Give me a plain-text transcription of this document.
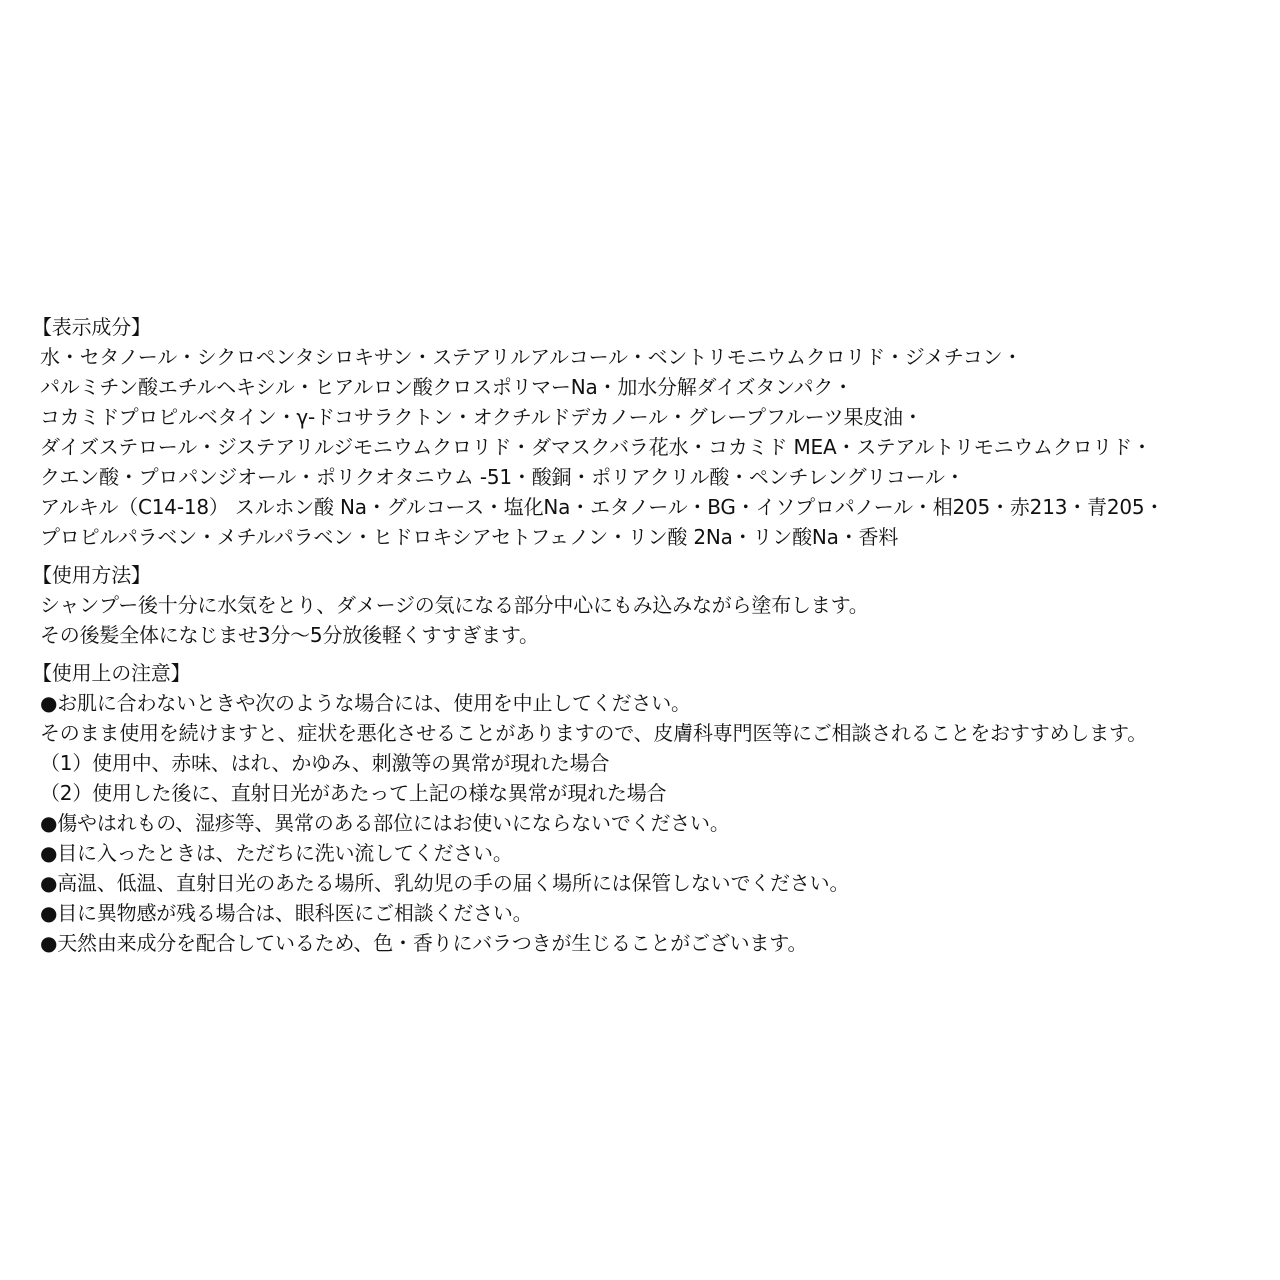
【表示成分】
水・セタノール・シクロペンタシロキサン・ステアリルアルコール・ベントリモニウムクロリド・ジメチコン・
パルミチン酸エチルヘキシル・ヒアルロン酸クロスポリマーNa・加水分解ダイズタンパク・
コカミドプロピルベタイン・γ-ドコサラクトン・オクチルドデカノール・グレープフルーツ果皮油・
ダイズステロール・ジステアリルジモニウムクロリド・ダマスクバラ花水・コカミド MEA・ステアルトリモニウムクロリド・
クエン酸・プロパンジオール・ポリクオタニウム -51・酸銅・ポリアクリル酸・ペンチレングリコール・
アルキル（C14-18） スルホン酸 Na・グルコース・塩化Na・エタノール・BG・イソプロパノール・相205・赤213・青205・
プロピルパラベン・メチルパラベン・ヒドロキシアセトフェノン・リン酸 2Na・リン酸Na・香料
【使用方法】
シャンプー後十分に水気をとり、ダメージの気になる部分中心にもみ込みながら塗布します。
その後髪全体になじませ3分～5分放後軽くすすぎます。
【使用上の注意】
●お肌に合わないときや次のような場合には、使用を中止してください。
そのまま使用を続けますと、症状を悪化させることがありますので、皮膚科専門医等にご相談されることをおすすめします。
（1）使用中、赤味、はれ、かゆみ、刺激等の異常が現れた場合
（2）使用した後に、直射日光があたって上記の様な異常が現れた場合
●傷やはれもの、湿疹等、異常のある部位にはお使いにならないでください。
●目に入ったときは、ただちに洗い流してください。
●高温、低温、直射日光のあたる場所、乳幼児の手の届く場所には保管しないでください。
●目に異物感が残る場合は、眼科医にご相談ください。
●天然由来成分を配合しているため、色・香りにバラつきが生じることがございます。
